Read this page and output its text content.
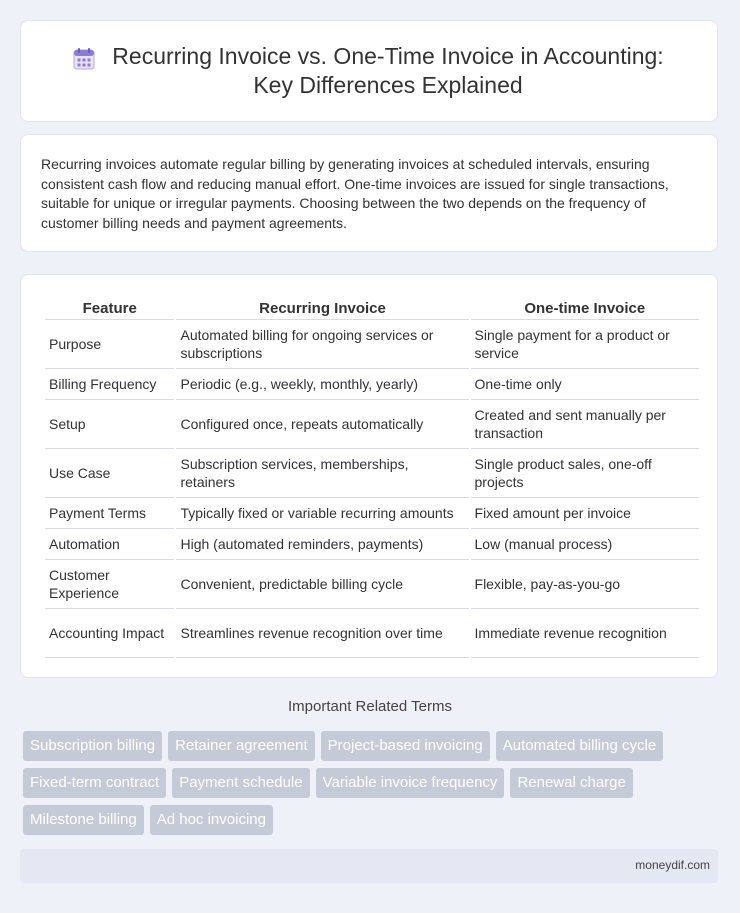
Recurring Invoice vs. One-Time Invoice in Accounting: Key Differences Explained

Recurring invoices automate regular billing by generating invoices at scheduled intervals, ensuring consistent cash flow and reducing manual effort. One-time invoices are issued for single transactions, suitable for unique or irregular payments. Choosing between the two depends on the frequency of customer billing needs and payment agreements.

Feature	Recurring Invoice	One-time Invoice
Purpose	Automated billing for ongoing services or subscriptions	Single payment for a product or service
Billing Frequency	Periodic (e.g., weekly, monthly, yearly)	One-time only
Setup	Configured once, repeats automatically	Created and sent manually per transaction
Use Case	Subscription services, memberships, retainers	Single product sales, one-off projects
Payment Terms	Typically fixed or variable recurring amounts	Fixed amount per invoice
Automation	High (automated reminders, payments)	Low (manual process)
Customer Experience	Convenient, predictable billing cycle	Flexible, pay-as-you-go
Accounting Impact	Streamlines revenue recognition over time	Immediate revenue recognition
Important Related Terms
Subscription billing	Retainer agreement	Project-based invoicing	Automated billing cycle
Fixed-term contract	Payment schedule	Variable invoice frequency	Renewal charge
Milestone billing	Ad hoc invoicing
moneydif.com
